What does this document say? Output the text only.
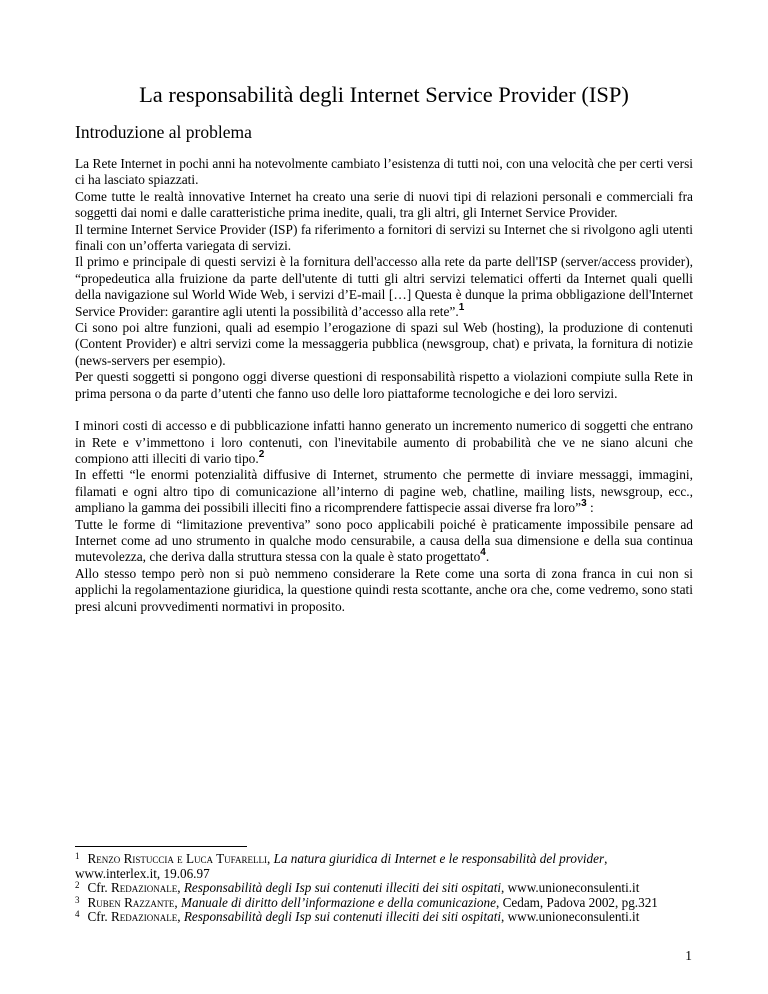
La responsabilità degli Internet Service Provider (ISP)
Introduzione al problema

La Rete Internet in pochi anni ha notevolmente cambiato l’esistenza di tutti noi, con una velocità che per certi versi ci ha lasciato spiazzati.

Come tutte le realtà innovative Internet ha creato una serie di nuovi tipi di relazioni personali e commerciali fra soggetti dai nomi e dalle caratteristiche prima inedite, quali, tra gli altri, gli Internet Service Provider.

Il termine Internet Service Provider (ISP) fa riferimento a fornitori di servizi su Internet che si rivolgono agli utenti finali con un’offerta variegata di servizi.

Il primo e principale di questi servizi è la fornitura dell'accesso alla rete da parte dell'ISP (server/access provider), “propedeutica alla fruizione da parte dell'utente di tutti gli altri servizi telematici offerti da Internet quali quelli della navigazione sul World Wide Web, i servizi d’E-mail […] Questa è dunque la prima obbligazione dell'Internet Service Provider: garantire agli utenti la possibilità d’accesso alla rete”.$^1$

Ci sono poi altre funzioni, quali ad esempio l’erogazione di spazi sul Web (hosting), la produzione di contenuti (Content Provider) e altri servizi come la messaggeria pubblica (newsgroup, chat) e privata, la fornitura di notizie (news-servers per esempio).

Per questi soggetti si pongono oggi diverse questioni di responsabilità rispetto a violazioni compiute sulla Rete in prima persona o da parte d’utenti che fanno uso delle loro piattaforme tecnologiche e dei loro servizi.

I minori costi di accesso e di pubblicazione infatti hanno generato un incremento numerico di soggetti che entrano in Rete e v’immettono i loro contenuti, con l'inevitabile aumento di probabilità che ve ne siano alcuni che compiono atti illeciti di vario tipo.$^2$

In effetti “le enormi potenzialità diffusive di Internet, strumento che permette di inviare messaggi, immagini, filamati e ogni altro tipo di comunicazione all’interno di pagine web, chatline, mailing lists, newsgroup, ecc., ampliano la gamma dei possibili illeciti fino a ricomprendere fattispecie assai diverse fra loro”$^3$ :

Tutte le forme di “limitazione preventiva” sono poco applicabili poiché è praticamente impossibile pensare ad Internet come ad uno strumento in qualche modo censurabile, a causa della sua dimensione e della sua continua mutevolezza, che deriva dalla struttura stessa con la quale è stato progettato$^4$.

Allo stesso tempo però non si può nemmeno considerare la Rete come una sorta di zona franca in cui non si applichi la regolamentazione giuridica, la questione quindi resta scottante, anche ora che, come vedremo, sono stati presi alcuni provvedimenti normativi in proposito.

$^1$ Renzo Ristuccia e Luca Tufarelli, La natura giuridica di Internet e le responsabilità del provider, www.interlex.it, 19.06.97

$^2$ Cfr. Redazionale, Responsabilità degli Isp sui contenuti illeciti dei siti ospitati, www.unioneconsulenti.it

$^3$ Ruben Razzante, Manuale di diritto dell’informazione e della comunicazione, Cedam, Padova 2002, pg.321

$^4$ Cfr. Redazionale, Responsabilità degli Isp sui contenuti illeciti dei siti ospitati, www.unioneconsulenti.it

1
